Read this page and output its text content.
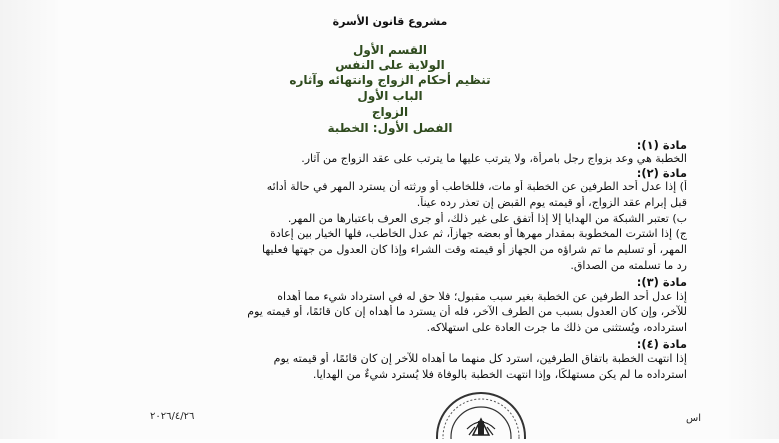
مشروع قانون الأسرة
القسم الأول
الولاية على النفس
تنظيم أحكام الزواج وانتهائه وآثاره
الباب الأول
الزواج
الفصل الأول: الخطبة
مادة (١):
الخطبة هي وعد بزواج رجل بامرأة، ولا يترتب عليها ما يترتب على عقد الزواج من آثار.
مادة (٢):
أ) إذا عدل أحد الطرفين عن الخطبة أو مات، فللخاطب أو ورثته أن يسترد المهر في حالة أدائه
قبل إبرام عقد الزواج، أو قيمته يوم القبض إن تعذر رده عيناً.
ب) تعتبر الشبكة من الهدايا إلا إذا أتفق على غير ذلك، أو جرى العرف باعتبارها من المهر.
ج) إذا اشترت المخطوبة بمقدار مهرها أو بعضه جهازاً، ثم عدل الخاطب، فلها الخيار بين إعادة
المهر، أو تسليم ما تم شراؤه من الجهاز أو قيمته وقت الشراء وإذا كان العدول من جهتها فعليها
رد ما تسلمته من الصداق.
مادة (٣):
إذا عدل أحد الطرفين عن الخطبة بغير سبب مقبول؛ فلا حق له في استرداد شيء مما أهداه
للآخر، وإن كان العدول بسبب من الطرف الآخر، فله أن يسترد ما أهداه إن كان قائمًا، أو قيمته يوم
استرداده، ويُستثنى من ذلك ما جرت العادة على استهلاكه.
مادة (٤):
إذا انتهت الخطبة باتفاق الطرفين، استرد كل منهما ما أهداه للآخر إن كان قائمًا، أو قيمته يوم
استرداده ما لم يكن مستهلكًا، وإذا انتهت الخطبة بالوفاة فلا يُسترد شيءٌ من الهدايا.
٢٠٢٦/٤/٢٦	اس
